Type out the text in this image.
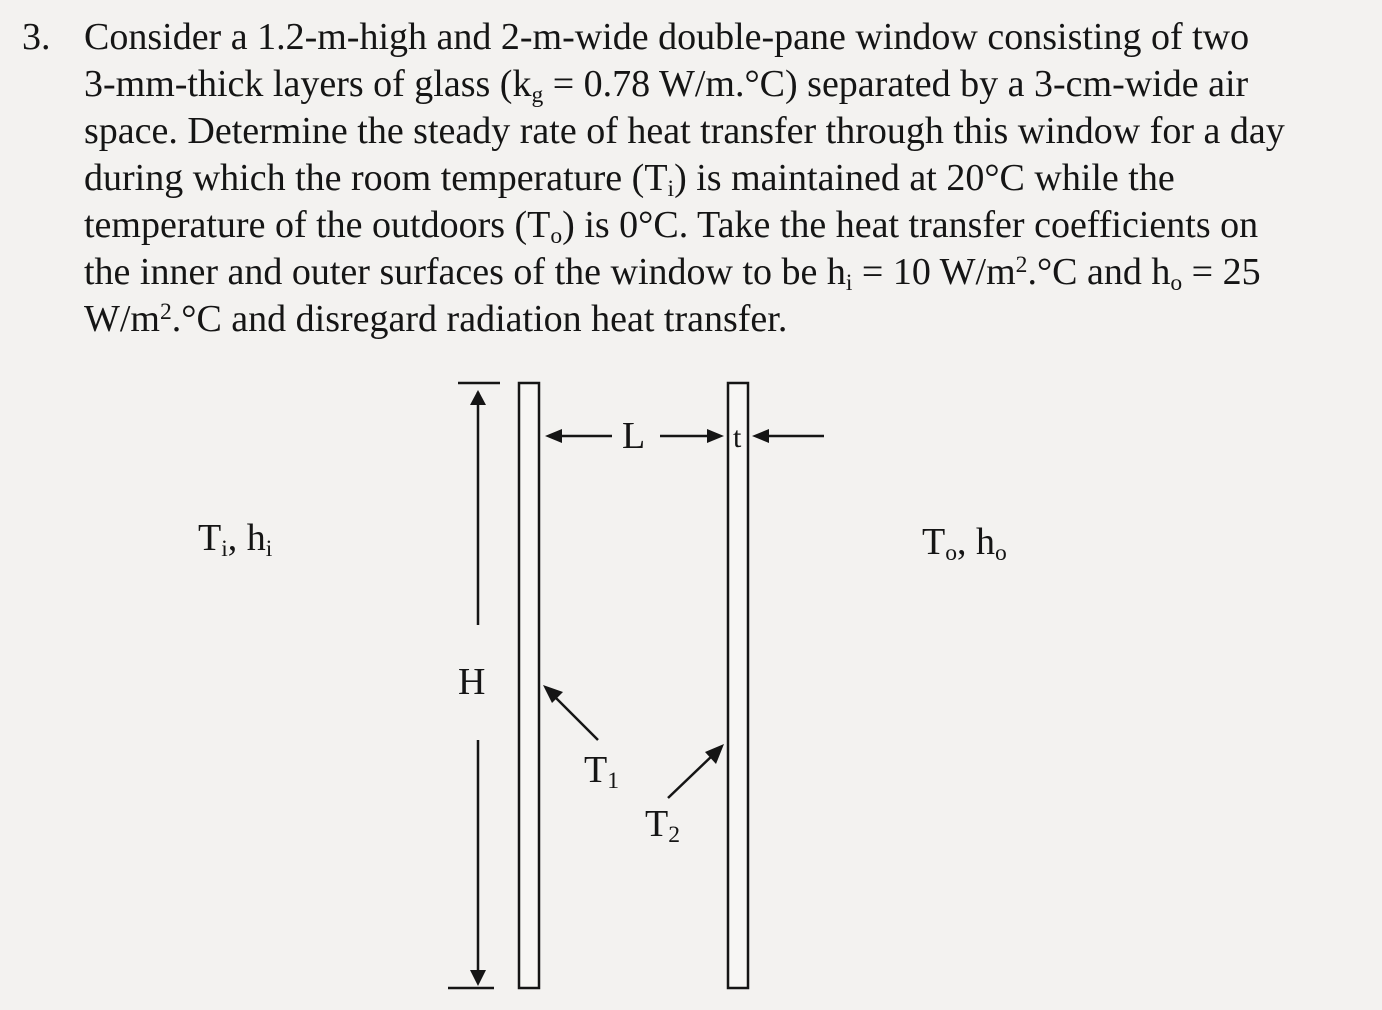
3. Consider a 1.2-m-high and 2-m-wide double-pane window consisting of two
3-mm-thick layers of glass ($k_g = 0.78$ W/m.°C) separated by a 3-cm-wide air
space. Determine the steady rate of heat transfer through this window for a day
during which the room temperature $(T_i)$ is maintained at 20°C while the
temperature of the outdoors $(T_o)$ is 0°C. Take the heat transfer coefficients on
the inner and outer surfaces of the window to be $h_i = 10$ $W/m^2.^\circ C$ and $h_o = 25$
$W/m^2.^\circ C$ and disregard radiation heat transfer.
$T_i$, $h_i$	$T_o$, $h_o$
H
L	t
$T_1$
$T_2$
